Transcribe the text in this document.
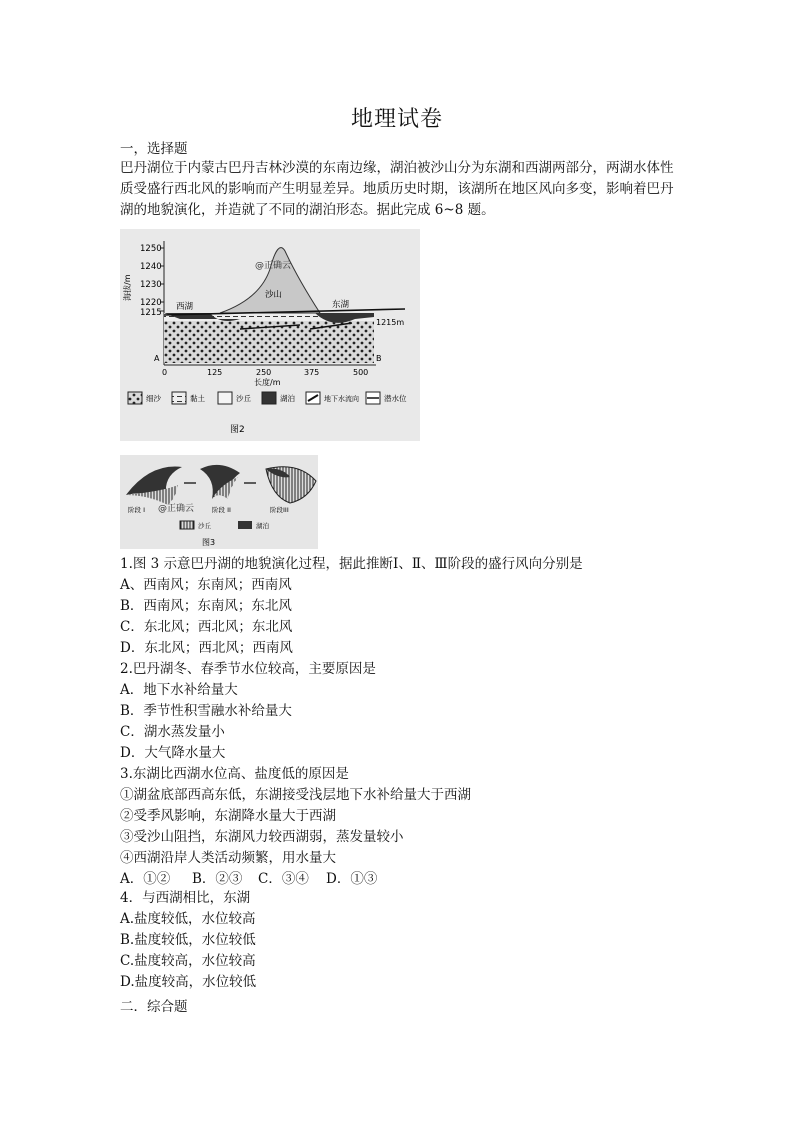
地理试卷
一，选择题
巴丹湖位于内蒙古巴丹吉林沙漠的东南边缘，湖泊被沙山分为东湖和西湖两部分，两湖水体性质受盛行西北风的影响而产生明显差异。地质历史时期，该湖所在地区风向多变，影响着巴丹湖的地貌演化，并造就了不同的湖泊形态。据此完成 6~8 题。
1250
1240
1230
1220
1215
海拔/m	沙山
西湖	东湖
1215m
@正确云
A	B
0	125	250	375	500
长度/m
细沙	黏土	沙丘	湖泊	地下水流向	潜水位
图2
阶段 I	阶段 II	阶段III
@正确云
沙丘	湖泊
图3
1.图 3 示意巴丹湖的地貌演化过程，据此推断Ⅰ、Ⅱ、Ⅲ阶段的盛行风向分别是
A、西南风；东南风；西南风
B．西南风；东南风；东北风
C．东北风；西北风；东北风
D．东北风；西北风；西南风
2.巴丹湖冬、春季节水位较高，主要原因是
A．地下水补给量大
B．季节性积雪融水补给量大
C．湖水蒸发量小
D．大气降水量大
3.东湖比西湖水位高、盐度低的原因是
①湖盆底部西高东低，东湖接受浅层地下水补给量大于西湖
②受季风影响，东湖降水量大于西湖
③受沙山阻挡，东湖风力较西湖弱，蒸发量较小
④西湖沿岸人类活动频繁，用水量大
A．①② B．②③ C．③④ D．①③
4．与西湖相比，东湖
A.盐度较低，水位较高
B.盐度较低，水位较低
C.盐度较高，水位较高
D.盐度较高，水位较低
二．综合题
